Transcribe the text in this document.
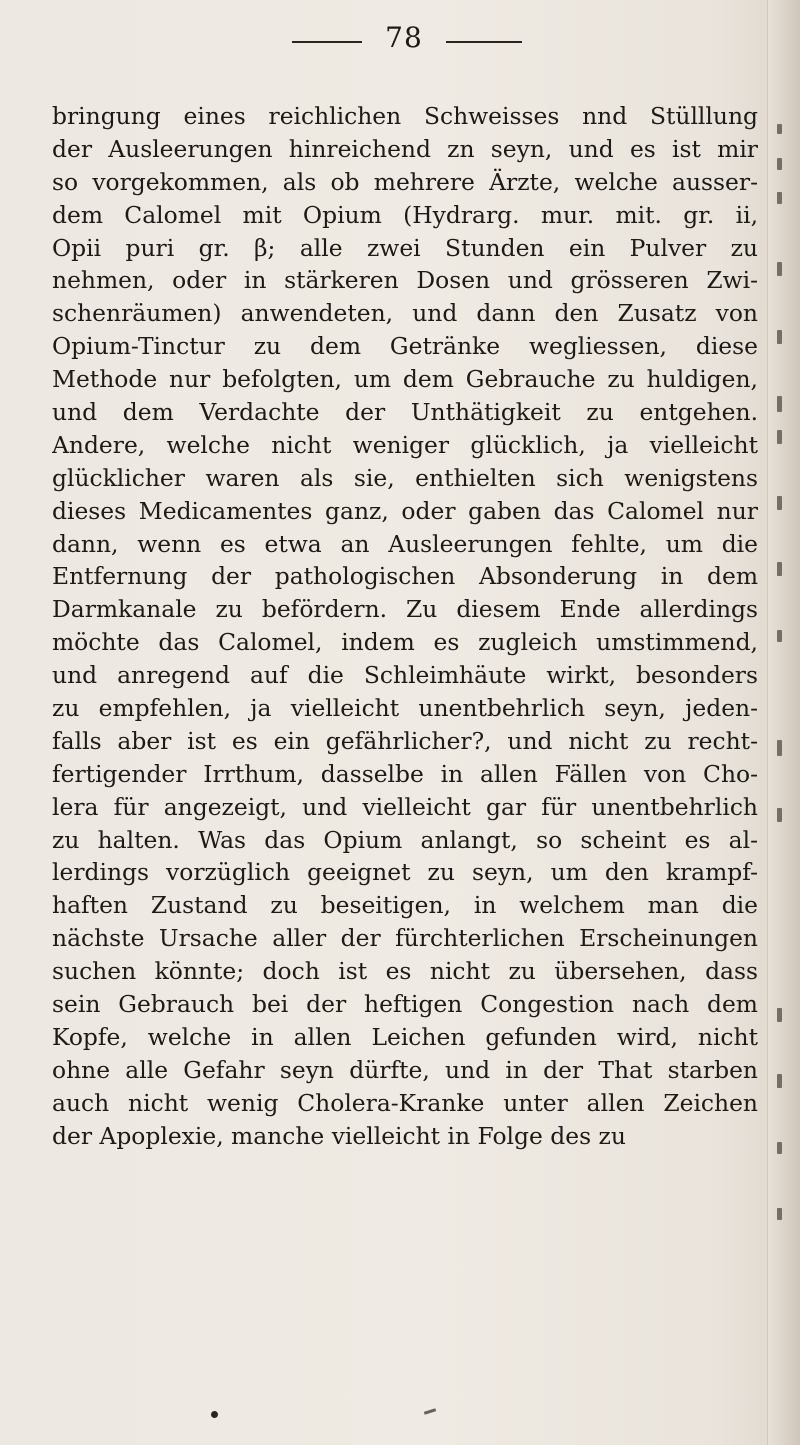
78
bringung eines reichlichen Schweisses nnd Stülllung
der Ausleerungen hinreichend zn seyn, und es ist mir
so vorgekommen, als ob mehrere Ärzte, welche ausser-
dem Calomel mit Opium (Hydrarg. mur. mit. gr. ii,
Opii puri gr. β; alle zwei Stunden ein Pulver zu
nehmen, oder in stärkeren Dosen und grösseren Zwi-
schenräumen) anwendeten, und dann den Zusatz von
Opium-Tinctur zu dem Getränke wegliessen, diese
Methode nur befolgten, um dem Gebrauche zu huldigen,
und dem Verdachte der Unthätigkeit zu entgehen.
Andere, welche nicht weniger glücklich, ja vielleicht
glücklicher waren als sie, enthielten sich wenigstens
dieses Medicamentes ganz, oder gaben das Calomel nur
dann, wenn es etwa an Ausleerungen fehlte, um die
Entfernung der pathologischen Absonderung in dem
Darmkanale zu befördern. Zu diesem Ende allerdings
möchte das Calomel, indem es zugleich umstimmend,
und anregend auf die Schleimhäute wirkt, besonders
zu empfehlen, ja vielleicht unentbehrlich seyn, jeden-
falls aber ist es ein gefährlicher?, und nicht zu recht-
fertigender Irrthum, dasselbe in allen Fällen von Cho-
lera für angezeigt, und vielleicht gar für unentbehrlich
zu halten. Was das Opium anlangt, so scheint es al-
lerdings vorzüglich geeignet zu seyn, um den krampf-
haften Zustand zu beseitigen, in welchem man die
nächste Ursache aller der fürchterlichen Erscheinungen
suchen könnte; doch ist es nicht zu übersehen, dass
sein Gebrauch bei der heftigen Congestion nach dem
Kopfe, welche in allen Leichen gefunden wird, nicht
ohne alle Gefahr seyn dürfte, und in der That starben
auch nicht wenig Cholera-Kranke unter allen Zeichen
der Apoplexie, manche vielleicht in Folge des zu
